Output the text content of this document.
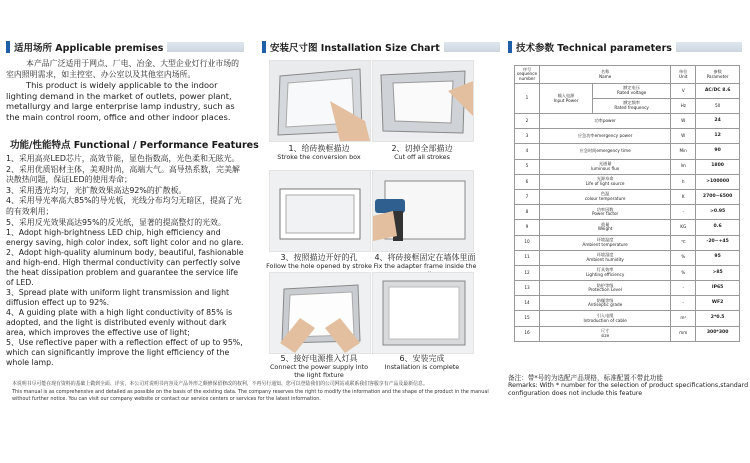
适用场所 Applicable premises

本产品广泛适用于网点、厂电、冶金、大型企业灯行业市场的室内照明需求，如主控室、办公室以及其他室内场所。

This product is widely applicable to the indoor lighting demand in the market of outlets, power plant, metallurgy and large enterprise lamp industry, such as the main control room, office and other indoor places.

功能/性能特点 Functional / Performance Features

1、采用高亮LED芯片，高效节能，显色指数高，光色柔和无眩光。

2、采用优质铝材主体，美观时尚，高端大气。高导热系数，完美解决散热问题，保证LED的使用寿命；

3、采用透光均匀，光扩散效果高达92%的扩散板。

4、采用导光率高大85%的导光板，光线分布均匀无暗区，提高了光的有效利用；

5、采用反光效果高达95%的反光纸，显著的提高整灯的光效。

1、Adopt high-brightness LED chip, high efficiency and energy saving, high color index, soft light color and no glare.

2、Adopt high-quality aluminum body, beautiful, fashionable and high-end. High thermal conductivity can perfectly solve the heat dissipation problem and guarantee the service life of LED.

3、Spread plate with uniform light transmission and light diffusion effect up to 92%.

4、A guiding plate with a high light conductivity of 85% is adopted, and the light is distributed evenly without dark area, which improves the effective use of light;

5、Use reflective paper with a reflection effect of up to 95%, which can significantly improve the light efficiency of the whole lamp.

安装尺寸图 Installation Size Chart
1、给砖换框描边
Stroke the conversion box
2、切掉全部描边
Cut off all strokes
3、按照描边开好的孔
Follow the hole opened by stroke
4、将砖接框固定在墙体里面
Fix the adapter frame inside the
5、接好电源推入灯具
Connect the power supply into the light fixture
6、安装完成
Installation is complete
技术参数 Technical parameters
序号
sequence number	名称
Name		单位
Unit	参数
Parameter
1	输入电源
Input Power	额定电压
Rated voltage	V	AC/DC 8.6
		额定频率
Rated frequency	Hz	50
2	功率power		W	24
3	应急功率emergency power		W	12
4	应急时间emergency time		Min	90
5	光通量
luminous flux		lm	1800
6	光源寿命
Life of light source		h	>100000
7	色温
colour temperature		K	2700~6500
8	功率因数
Power factor		-	>0.95
9	重量
Weight		KG	0.6
10	环境温度
Ambient temperature		℃	-20~+45
11	环境湿度
Ambient humidity		%	95
12	灯具效率
Lighting efficiency		%	>85
13	防护等级
Protection Level		-	IP65
14	防爆等级
Antiseptic grade		-	WF2
15	引入电缆
Introduction of cable		m²	2*0.5
16	尺寸
size		mm	300*300
备注：带*号的为选配产品规格，标准配置不带此功能
Remarks: With * number for the selection of product specifications,standard
configuration does not include this feature
本说明书尽可能在现有资料的基础上做到全面、详实，本公司对说明书内容及产品外形之颇修保留修改的权利，不再另行通知。您可以登陆我们的公司网站或联系我们客服享有产品及最新信息。
This manual is as comprehensive and detailed as possible on the basis of the existing data. The company reserves the right to modify the information and the shape of the product in the manual without further notice. You can visit our company website or contact our service centers or services for the latest information.
